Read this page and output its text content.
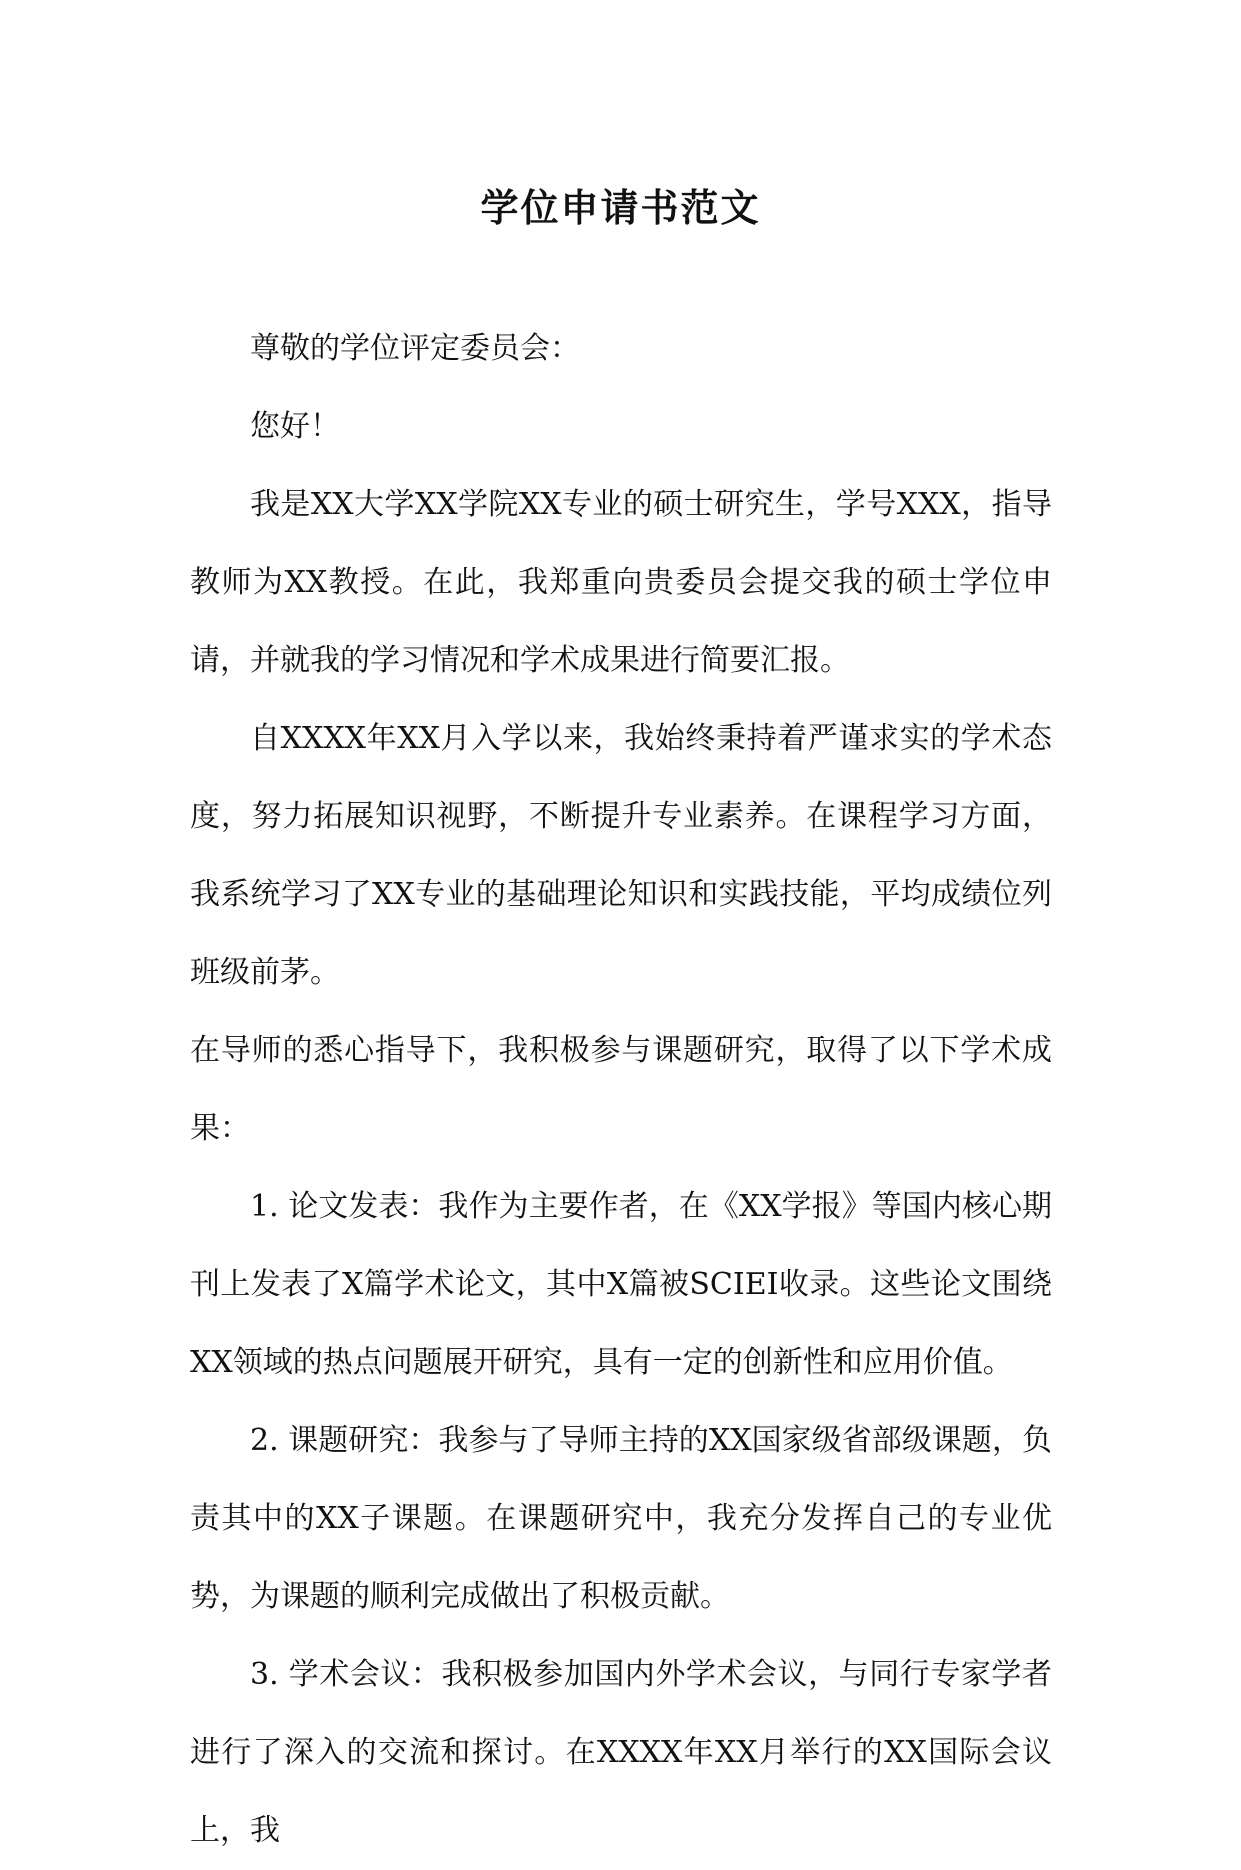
学位申请书范文

尊敬的学位评定委员会：

您好！

我是XX大学XX学院XX专业的硕士研究生，学号XXX，指导教师为XX教授。在此，我郑重向贵委员会提交我的硕士学位申请，并就我的学习情况和学术成果进行简要汇报。

自XXXX年XX月入学以来，我始终秉持着严谨求实的学术态度，努力拓展知识视野，不断提升专业素养。在课程学习方面，我系统学习了XX专业的基础理论知识和实践技能，平均成绩位列班级前茅。

在导师的悉心指导下，我积极参与课题研究，取得了以下学术成果：

1. 论文发表：我作为主要作者，在《XX学报》等国内核心期刊上发表了X篇学术论文，其中X篇被SCIEI收录。这些论文围绕XX领域的热点问题展开研究，具有一定的创新性和应用价值。

2. 课题研究：我参与了导师主持的XX国家级省部级课题，负责其中的XX子课题。在课题研究中，我充分发挥自己的专业优势，为课题的顺利完成做出了积极贡献。

3. 学术会议：我积极参加国内外学术会议，与同行专家学者进行了深入的交流和探讨。在XXXX年XX月举行的XX国际会议上，我
